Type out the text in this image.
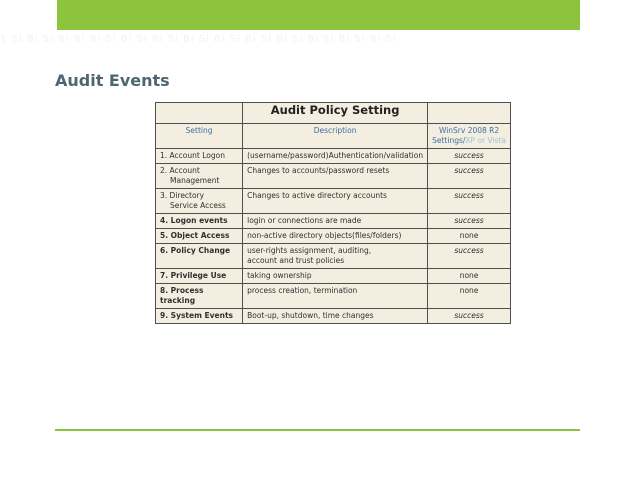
1 Si Bi Si Bi Bi Bi Si Bi Si Bi Si Bi Si Bi Si Bi Si Bi Si Bi Si Bi Si Bi Si
Audit Events
	Audit Policy Setting	
Setting	Description	WinSrv 2008 R2 Settings/XP or Vista
1. Account Logon	(username/password)Authentication/validation	success
2. Account
Management	Changes to accounts/password resets	success
3. Directory
Service Access	Changes to active directory accounts	success
4. Logon events	login or connections are made	success
5. Object Access	non-active directory objects(files/folders)	none
6. Policy Change	user-rights assignment, auditing,
account and trust policies	success
7. Privilege Use	taking ownership	none
8. Process tracking	process creation, termination	none
9. System Events	Boot-up, shutdown, time changes	success
